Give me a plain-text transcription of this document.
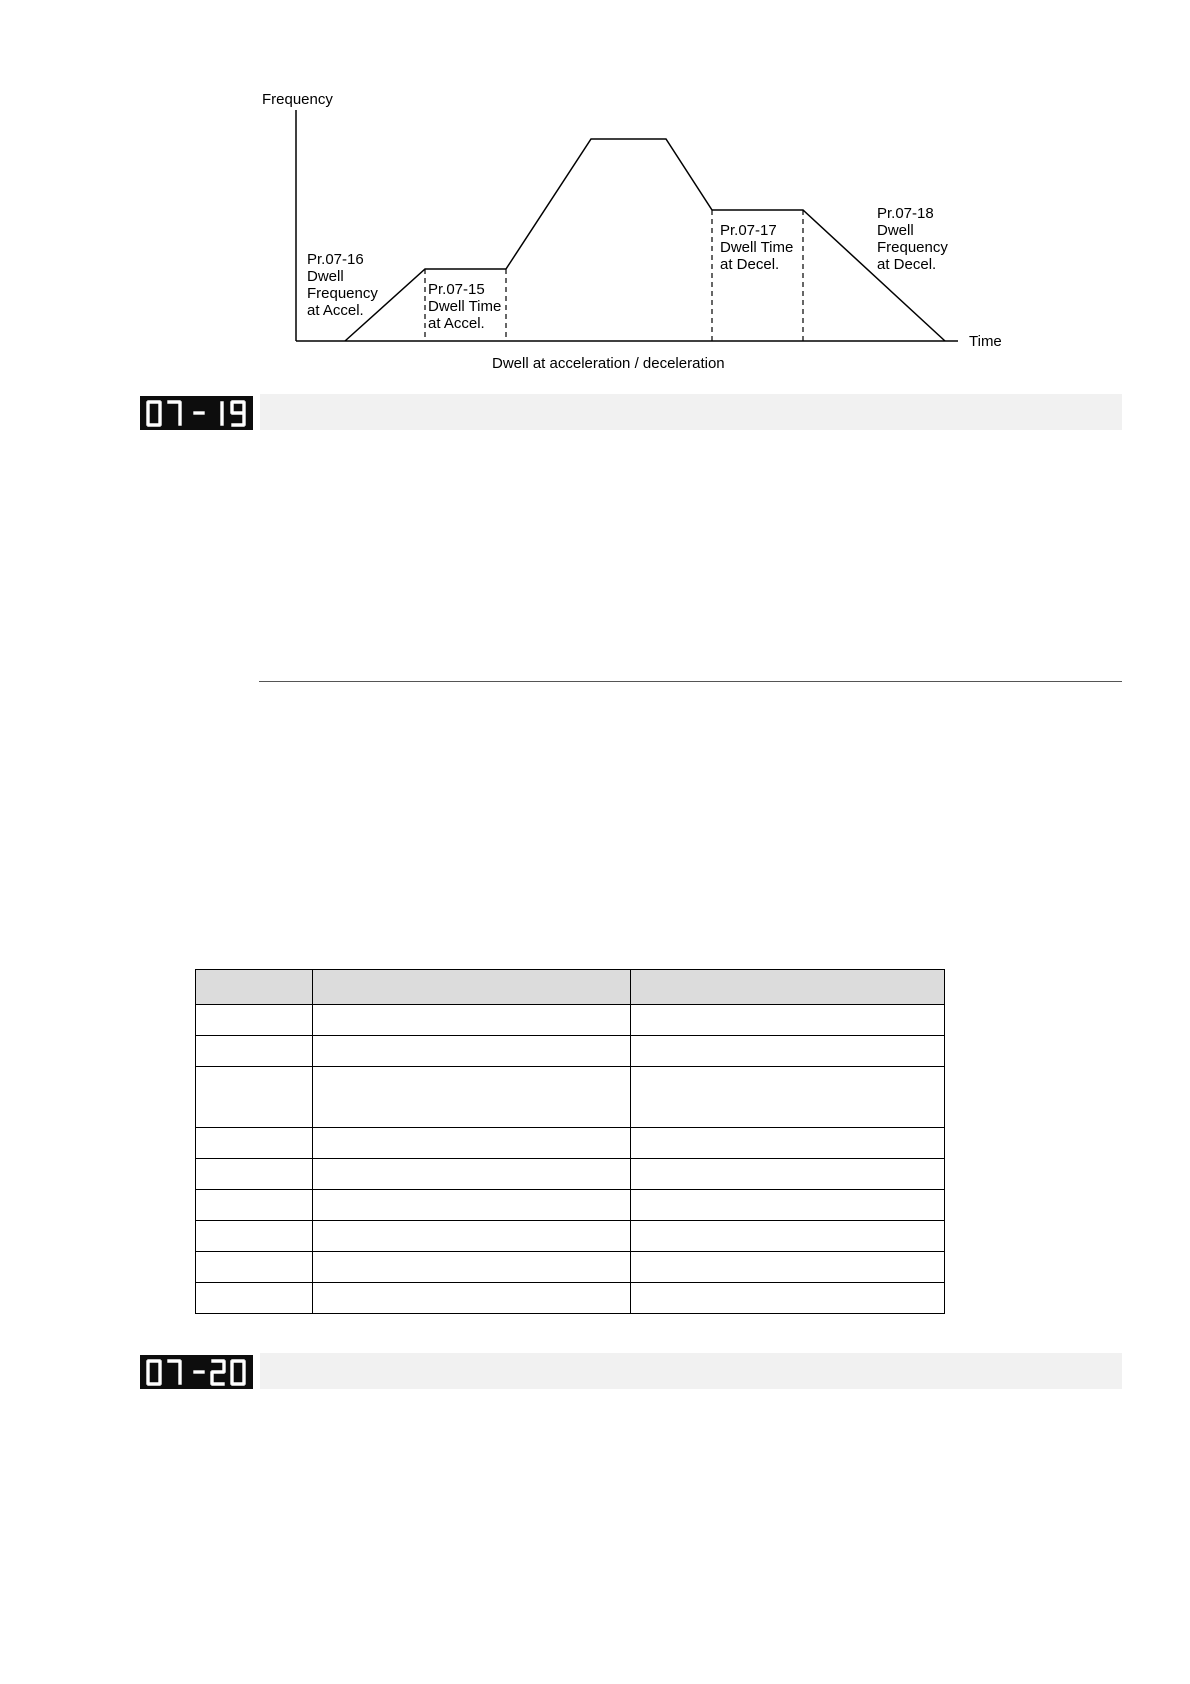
Frequency
Time
Dwell at acceleration / deceleration
Pr.07-16 Dwell Frequency at Accel.
Pr.07-15 Dwell Time at Accel.
Pr.07-17 Dwell Time at Decel.
Pr.07-18 Dwell Frequency at Decel.
